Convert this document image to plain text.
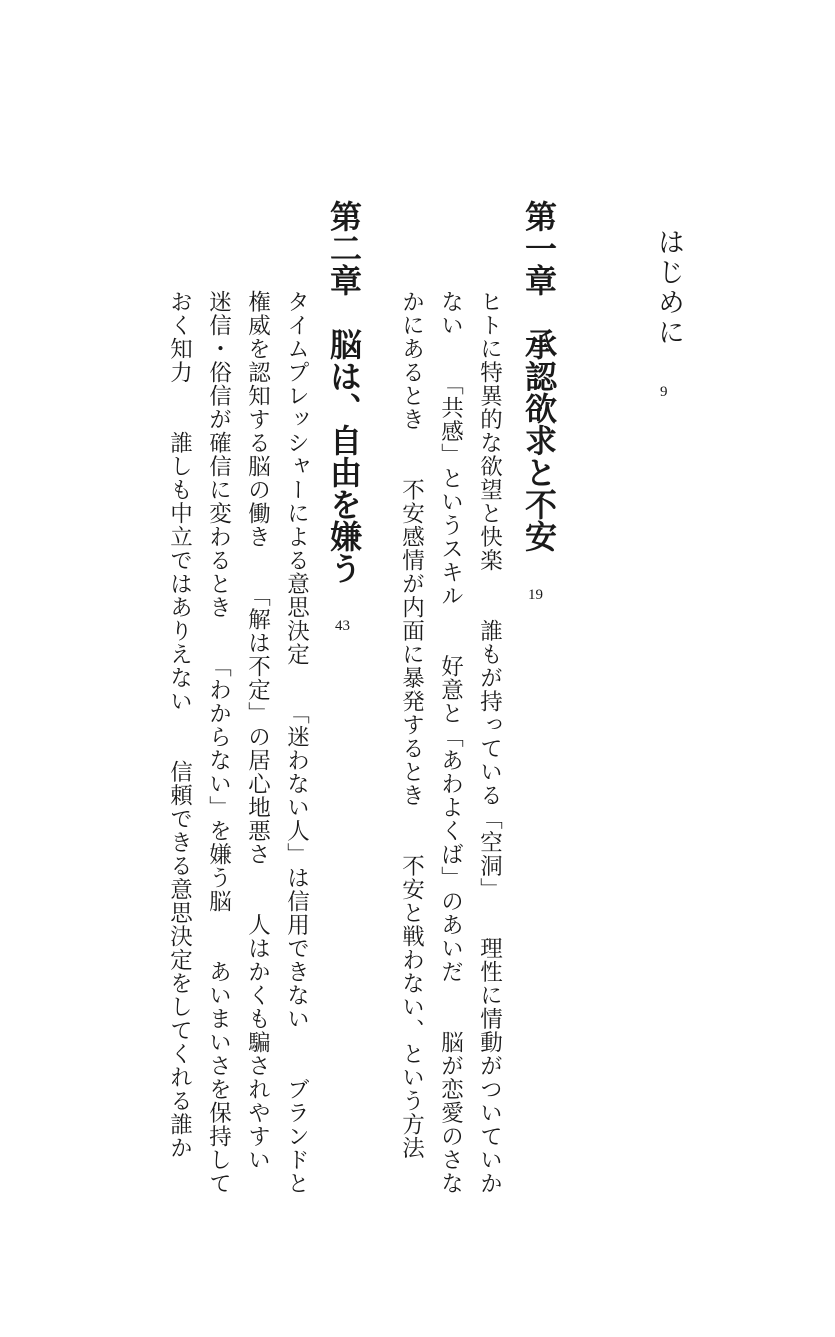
はじめに
9
第一章　承認欲求と不安
19
ヒトに特異的な欲望と快楽　　誰もが持っている「空洞」　　理性に情動がついていか
ない　　「共感」というスキル　　好意と「あわよくば」のあいだ　　脳が恋愛のさな
かにあるとき　　不安感情が内面に暴発するとき　　不安と戦わない、という方法
第二章　脳は、自由を嫌う
43
タイムプレッシャーによる意思決定　　「迷わない人」は信用できない　　ブランドと
権威を認知する脳の働き　　「解は不定」の居心地悪さ　　人はかくも騙されやすい
迷信・俗信が確信に変わるとき　　「わからない」を嫌う脳　　あいまいさを保持して
おく知力　　誰しも中立ではありえない　　信頼できる意思決定をしてくれる誰か
